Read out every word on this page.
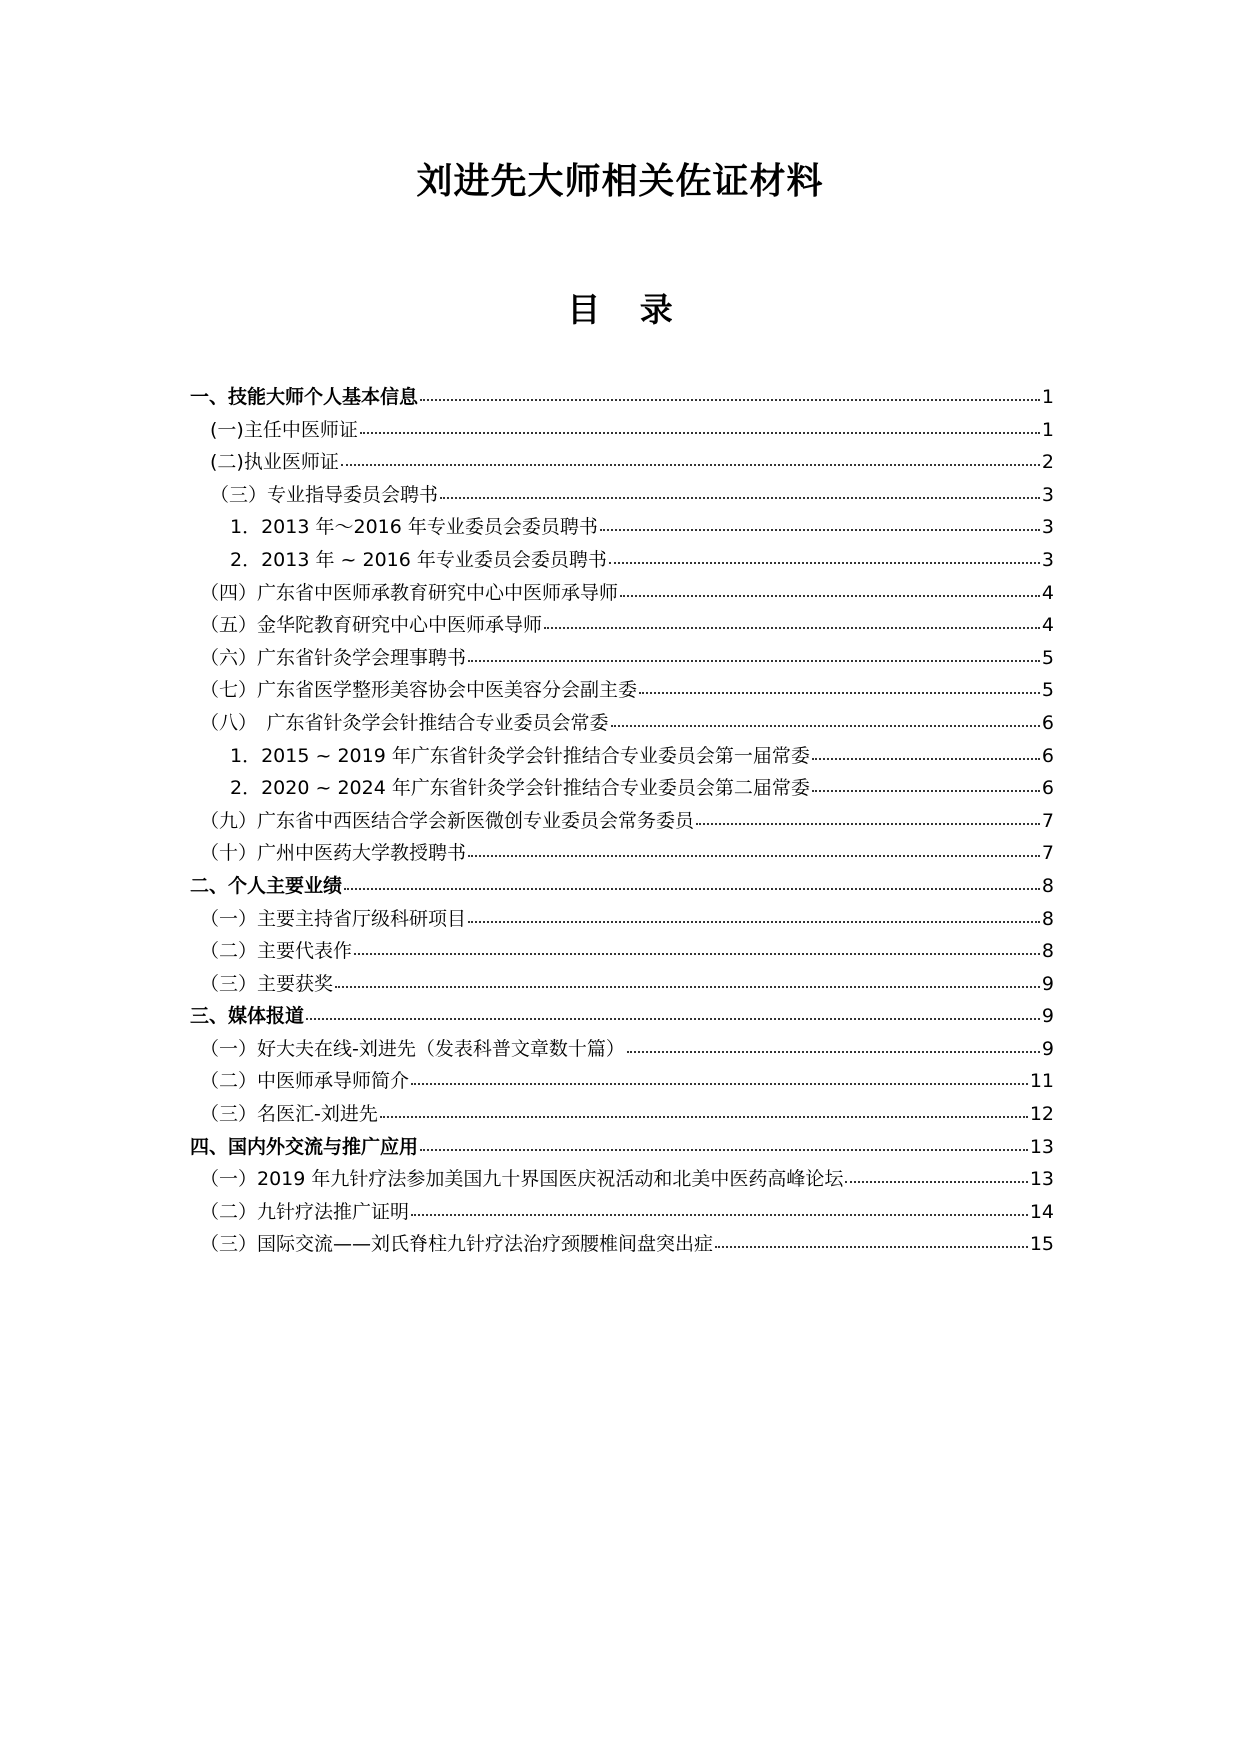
刘进先大师相关佐证材料
目 录
一、技能大师个人基本信息	1
(一)主任中医师证	1
(二)执业医师证	2
（三）专业指导委员会聘书	3
1．2013 年～2016 年专业委员会委员聘书	3
2．2013 年 ~ 2016 年专业委员会委员聘书	3
（四）广东省中医师承教育研究中心中医师承导师	4
（五）金华陀教育研究中心中医师承导师	4
（六）广东省针灸学会理事聘书	5
（七）广东省医学整形美容协会中医美容分会副主委	5
（八）　广东省针灸学会针推结合专业委员会常委	6
1．2015 ~ 2019 年广东省针灸学会针推结合专业委员会第一届常委	6
2．2020 ~ 2024 年广东省针灸学会针推结合专业委员会第二届常委	6
（九）广东省中西医结合学会新医微创专业委员会常务委员	7
（十）广州中医药大学教授聘书	7
二、个人主要业绩	8
（一）主要主持省厅级科研项目	8
（二）主要代表作	8
（三）主要获奖	9
三、媒体报道	9
（一）好大夫在线-刘进先（发表科普文章数十篇）	9
（二）中医师承导师简介	11
（三）名医汇-刘进先	12
四、国内外交流与推广应用	13
（一）2019 年九针疗法参加美国九十界国医庆祝活动和北美中医药高峰论坛	13
（二）九针疗法推广证明	14
（三）国际交流——刘氏脊柱九针疗法治疗颈腰椎间盘突出症	15
